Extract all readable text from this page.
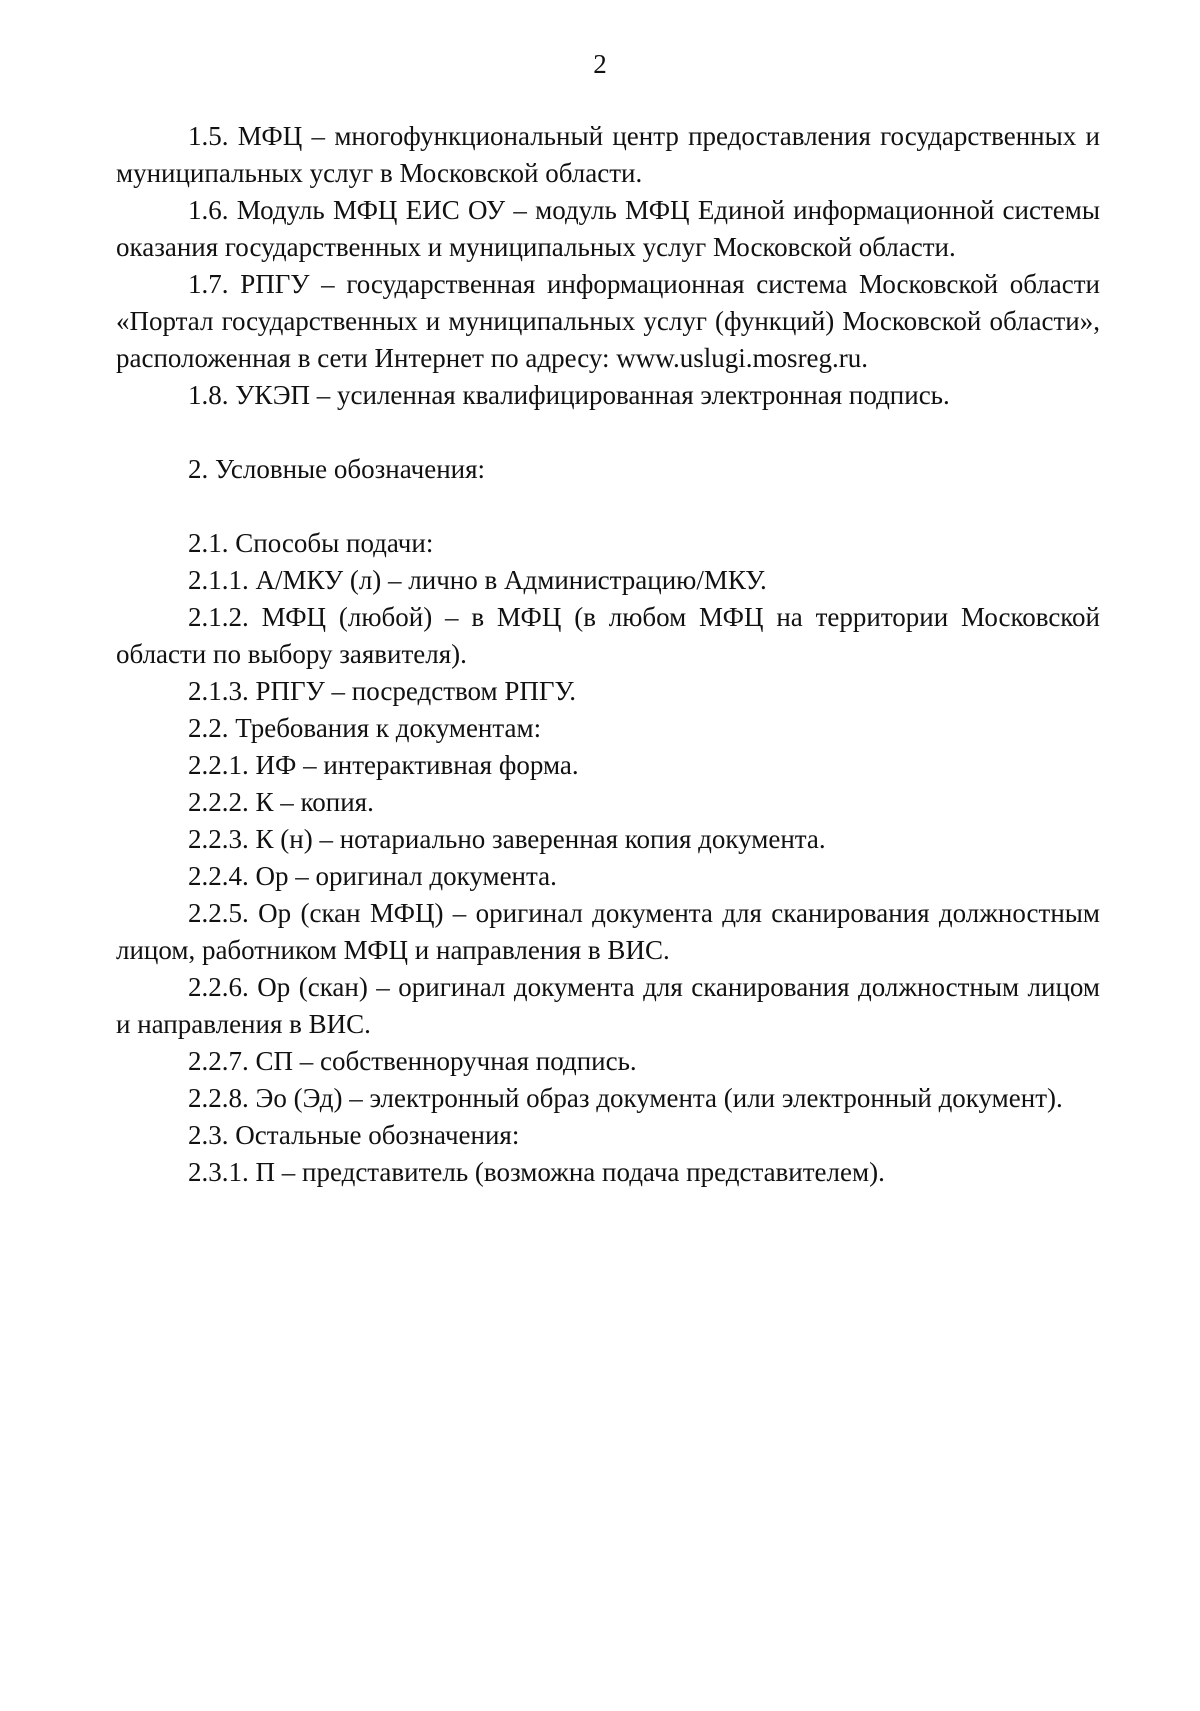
2

1.5. МФЦ – многофункциональный центр предоставления государственных и муниципальных услуг в Московской области.

1.6. Модуль МФЦ ЕИС ОУ – модуль МФЦ Единой информационной системы оказания государственных и муниципальных услуг Московской области.

1.7. РПГУ – государственная информационная система Московской области «Портал государственных и муниципальных услуг (функций) Московской области», расположенная в сети Интернет по адресу: www.uslugi.mosreg.ru.

1.8. УКЭП – усиленная квалифицированная электронная подпись.

2. Условные обозначения:

2.1. Способы подачи:

2.1.1. А/МКУ (л) – лично в Администрацию/МКУ.

2.1.2. МФЦ (любой) – в МФЦ (в любом МФЦ на территории Московской области по выбору заявителя).

2.1.3. РПГУ – посредством РПГУ.

2.2. Требования к документам:

2.2.1. ИФ – интерактивная форма.

2.2.2. К – копия.

2.2.3. К (н) – нотариально заверенная копия документа.

2.2.4. Ор – оригинал документа.

2.2.5. Ор (скан МФЦ) – оригинал документа для сканирования должностным лицом, работником МФЦ и направления в ВИС.

2.2.6. Ор (скан) – оригинал документа для сканирования должностным лицом и направления в ВИС.

2.2.7. СП – собственноручная подпись.

2.2.8. Эо (Эд) – электронный образ документа (или электронный документ).

2.3. Остальные обозначения:

2.3.1. П – представитель (возможна подача представителем).
